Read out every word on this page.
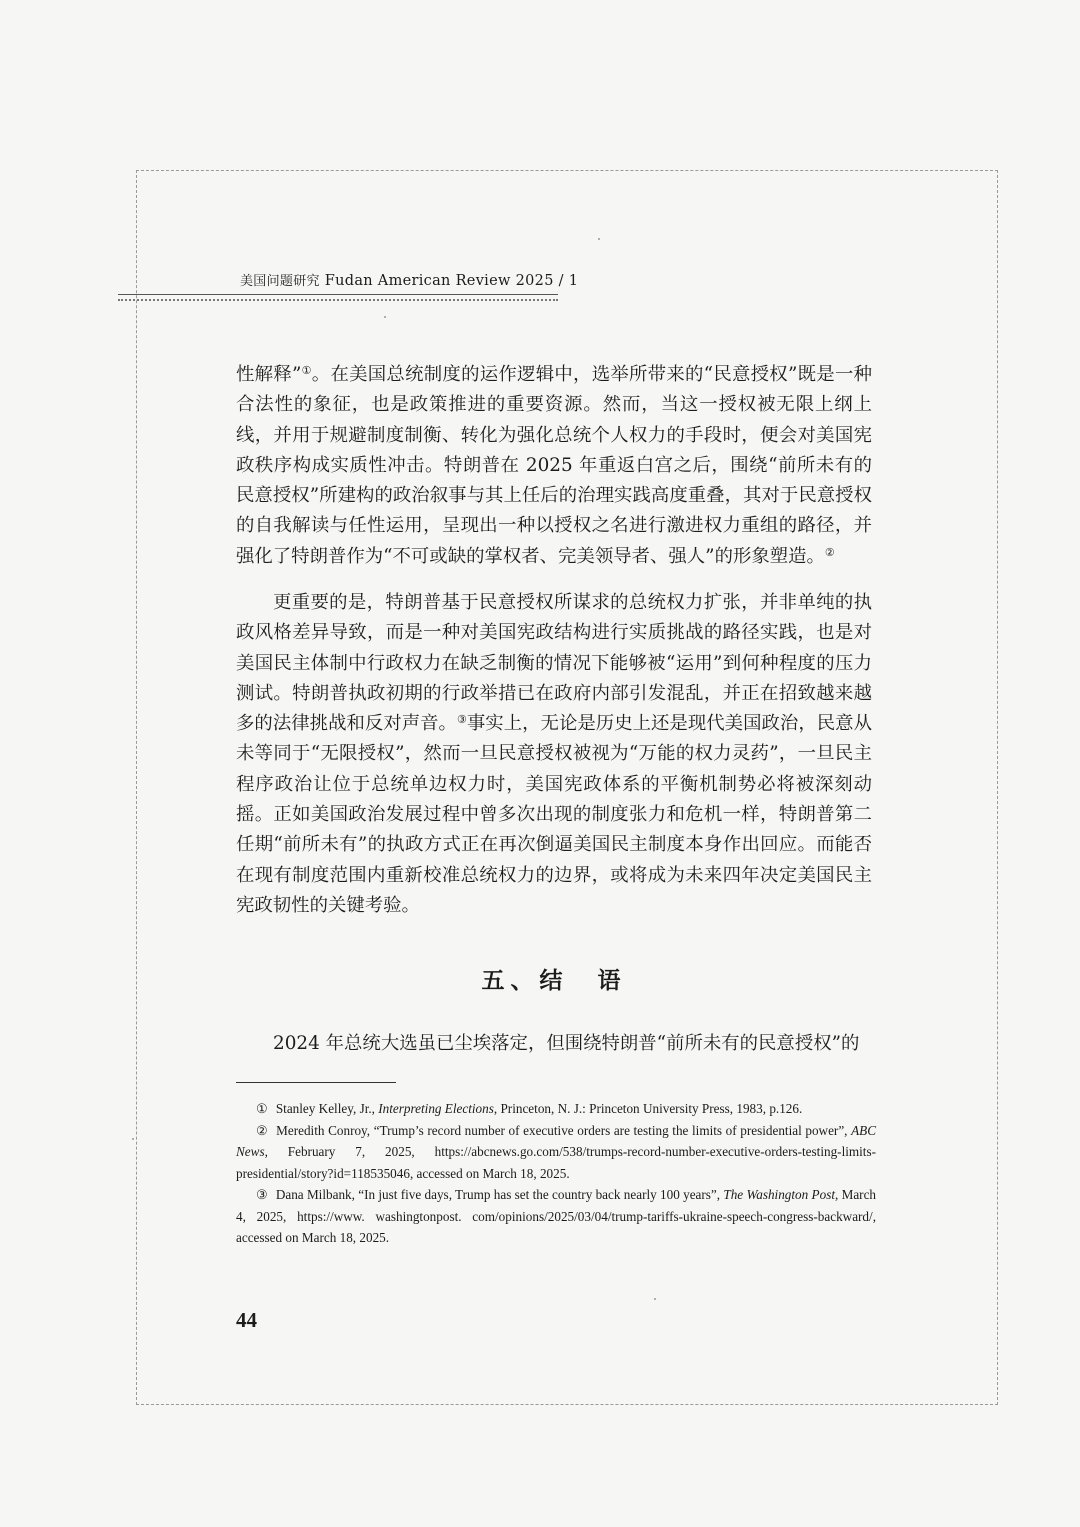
美国问题研究 Fudan American Review 2025 / 1

性解释”①。在美国总统制度的运作逻辑中，选举所带来的“民意授权”既是一种合法性的象征，也是政策推进的重要资源。然而，当这一授权被无限上纲上线，并用于规避制度制衡、转化为强化总统个人权力的手段时，便会对美国宪政秩序构成实质性冲击。特朗普在 2025 年重返白宫之后，围绕“前所未有的民意授权”所建构的政治叙事与其上任后的治理实践高度重叠，其对于民意授权的自我解读与任性运用，呈现出一种以授权之名进行激进权力重组的路径，并强化了特朗普作为“不可或缺的掌权者、完美领导者、强人”的形象塑造。②

更重要的是，特朗普基于民意授权所谋求的总统权力扩张，并非单纯的执政风格差异导致，而是一种对美国宪政结构进行实质挑战的路径实践，也是对美国民主体制中行政权力在缺乏制衡的情况下能够被“运用”到何种程度的压力测试。特朗普执政初期的行政举措已在政府内部引发混乱，并正在招致越来越多的法律挑战和反对声音。③事实上，无论是历史上还是现代美国政治，民意从未等同于“无限授权”，然而一旦民意授权被视为“万能的权力灵药”，一旦民主程序政治让位于总统单边权力时，美国宪政体系的平衡机制势必将被深刻动摇。正如美国政治发展过程中曾多次出现的制度张力和危机一样，特朗普第二任期“前所未有”的执政方式正在再次倒逼美国民主制度本身作出回应。而能否在现有制度范围内重新校准总统权力的边界，或将成为未来四年决定美国民主宪政韧性的关键考验。

五、结　语

2024 年总统大选虽已尘埃落定，但围绕特朗普“前所未有的民意授权”的

① Stanley Kelley, Jr., Interpreting Elections, Princeton, N. J.: Princeton University Press, 1983, p.126.

② Meredith Conroy, “Trump’s record number of executive orders are testing the limits of presidential power”, ABC News, February 7, 2025, https://abcnews.go.com/538/trumps-record-number-executive-orders-testing-limits-presidential/story?id=118535046, accessed on March 18, 2025.

③ Dana Milbank, “In just five days, Trump has set the country back nearly 100 years”, The Washington Post, March 4, 2025, https://www. washingtonpost. com/opinions/2025/03/04/trump-tariffs-ukraine-speech-congress-backward/, accessed on March 18, 2025.

44
